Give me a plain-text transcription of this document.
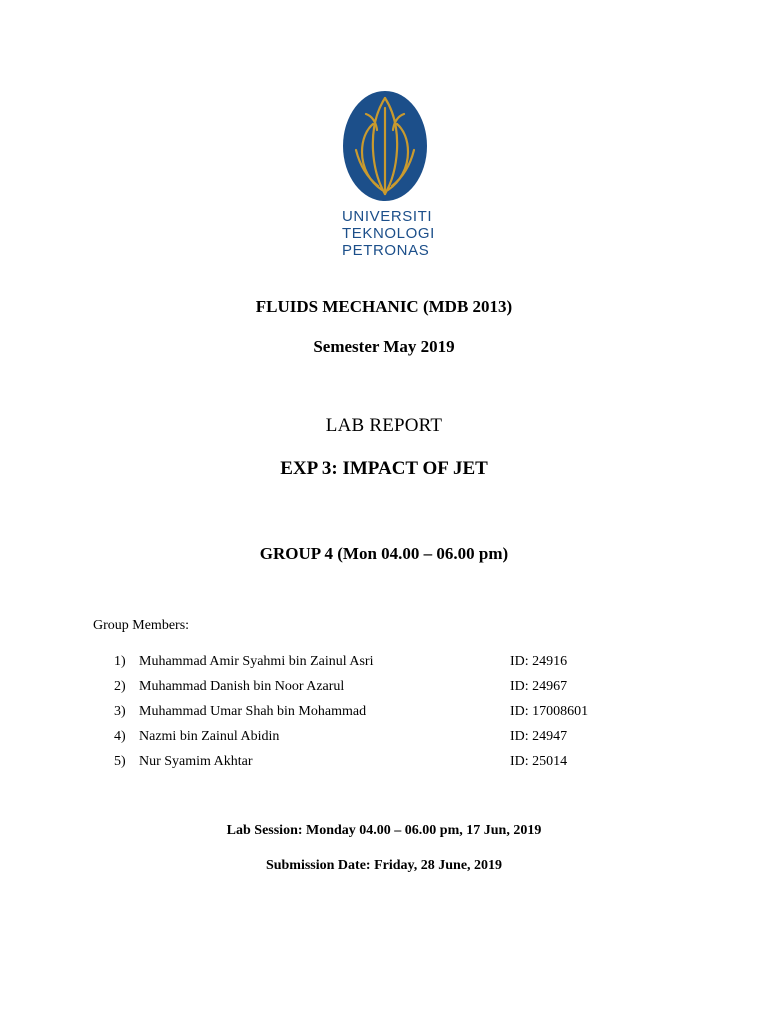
UNIVERSITI
TEKNOLOGI
PETRONAS
FLUIDS MECHANIC (MDB 2013)
Semester May 2019
LAB REPORT
EXP 3: IMPACT OF JET
GROUP 4 (Mon 04.00 – 06.00 pm)
Group Members:
1) Muhammad Amir Syahmi bin Zainul Asri	ID: 24916
2) Muhammad Danish bin Noor Azarul	ID: 24967
3) Muhammad Umar Shah bin Mohammad	ID: 17008601
4) Nazmi bin Zainul Abidin	ID: 24947
5) Nur Syamim Akhtar	ID: 25014
Lab Session: Monday 04.00 – 06.00 pm, 17 Jun, 2019
Submission Date: Friday, 28 June, 2019
